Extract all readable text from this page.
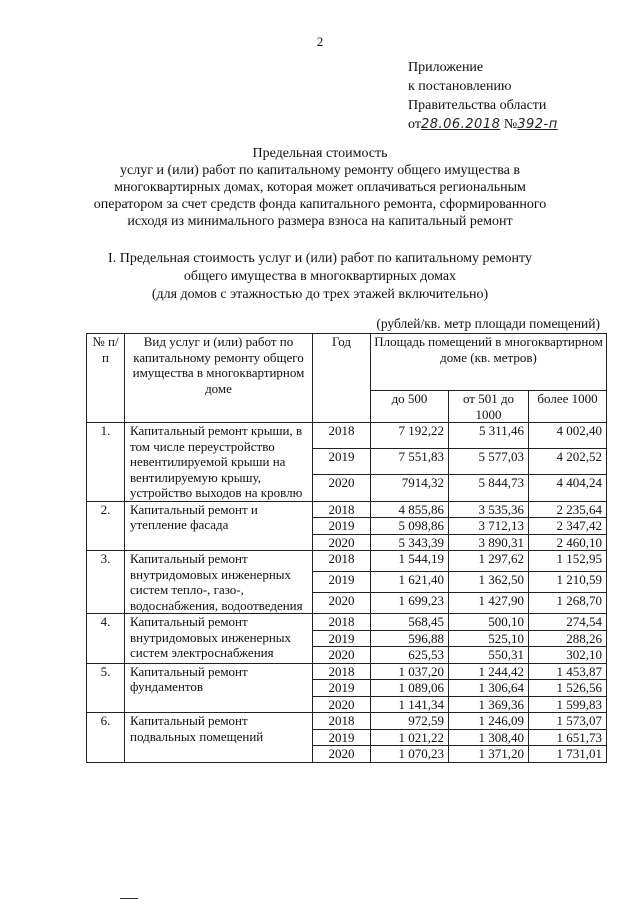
2
Приложение
к постановлению
Правительства области
от28.06.2018 №392-п
Предельная стоимость
услуг и (или) работ по капитальному ремонту общего имущества в
многоквартирных домах, которая может оплачиваться региональным
оператором за счет средств фонда капитального ремонта, сформированного
исходя из минимального размера взноса на капитальный ремонт
I. Предельная стоимость услуг и (или) работ по капитальному ремонту
общего имущества в многоквартирных домах
(для домов с этажностью до трех этажей включительно)
(рублей/кв. метр площади помещений)
№ п/п	Вид услуг и (или) работ по капитальному ремонту общего имущества в многоквартирном доме	Год	Площадь помещений в многоквартирном доме (кв. метров)		
			до 500	от 501 до 1000	более 1000
1.	Капитальный ремонт крыши, в том числе переустройство невентилируемой крыши на вентилируемую крышу, устройство выходов на кровлю	2018	7 192,22	5 311,46	4 002,40
		2019	7 551,83	5 577,03	4 202,52
		2020	7914,32	5 844,73	4 404,24
2.	Капитальный ремонт и утепление фасада	2018	4 855,86	3 535,36	2 235,64
		2019	5 098,86	3 712,13	2 347,42
		2020	5 343,39	3 890,31	2 460,10
3.	Капитальный ремонт внутридомовых инженерных систем тепло-, газо-, водоснабжения, водоотведения	2018	1 544,19	1 297,62	1 152,95
		2019	1 621,40	1 362,50	1 210,59
		2020	1 699,23	1 427,90	1 268,70
4.	Капитальный ремонт внутридомовых инженерных систем электроснабжения	2018	568,45	500,10	274,54
		2019	596,88	525,10	288,26
		2020	625,53	550,31	302,10
5.	Капитальный ремонт фундаментов	2018	1 037,20	1 244,42	1 453,87
		2019	1 089,06	1 306,64	1 526,56
		2020	1 141,34	1 369,36	1 599,83
6.	Капитальный ремонт подвальных помещений	2018	972,59	1 246,09	1 573,07
		2019	1 021,22	1 308,40	1 651,73
		2020	1 070,23	1 371,20	1 731,01
